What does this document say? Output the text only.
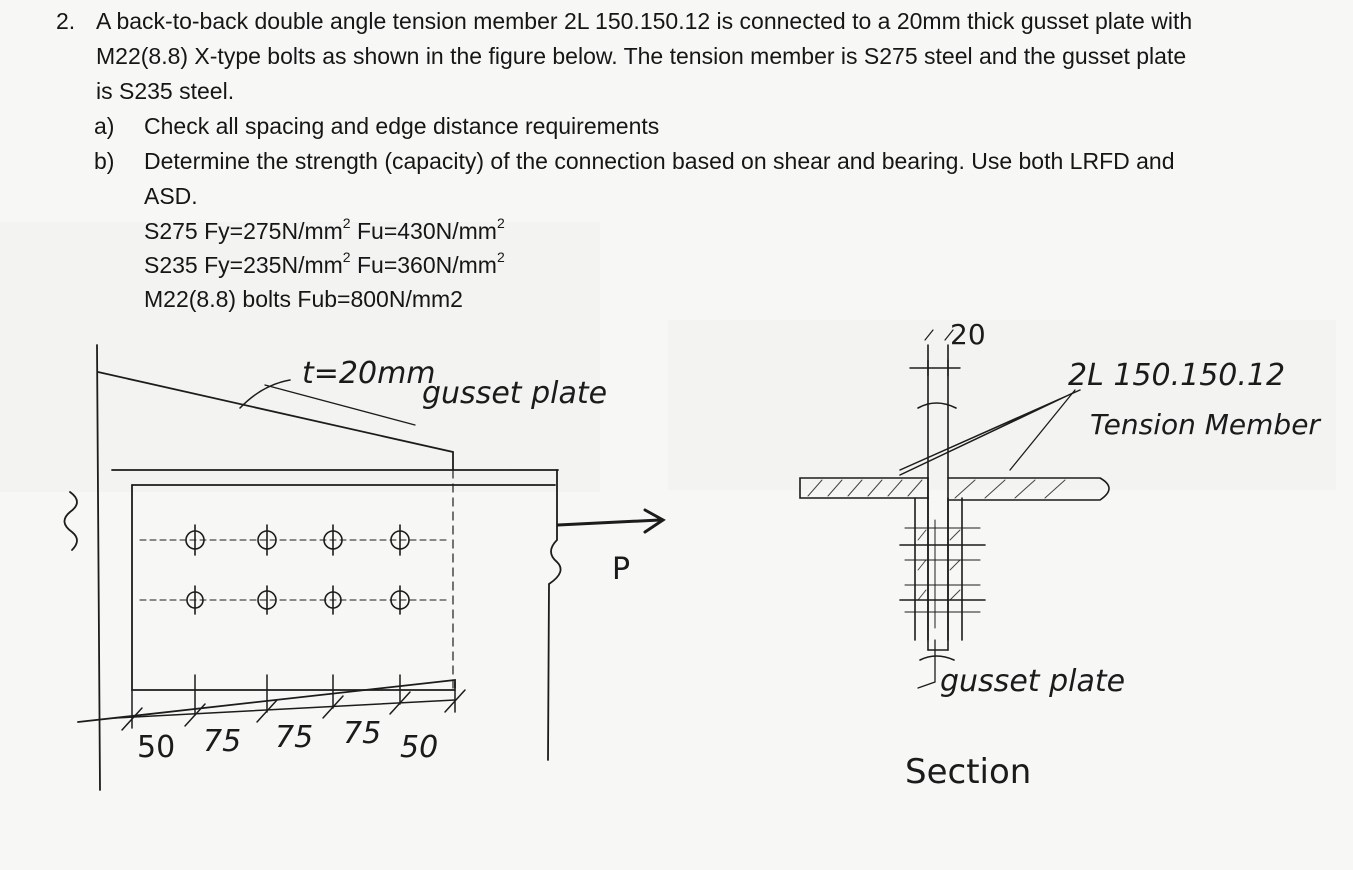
2. A back-to-back double angle tension member 2L 150.150.12 is connected to a 20mm thick gusset plate with M22(8.8) X-type bolts as shown in the figure below. The tension member is S275 steel and the gusset plate is S235 steel.
a) Check all spacing and edge distance requirements
b) Determine the strength (capacity) of the connection based on shear and bearing. Use both LRFD and ASD.
S275 $Fy=275N/mm^2$ $Fu=430N/mm^2$
S235 $Fy=235N/mm^2$ $Fu=360N/mm^2$
M22(8.8) bolts Fub=800N/mm2
t=20mm
gusset plate
P
50 75 75 75 50
20
2L 150.150.12
Tension Member
gusset plate
Section
